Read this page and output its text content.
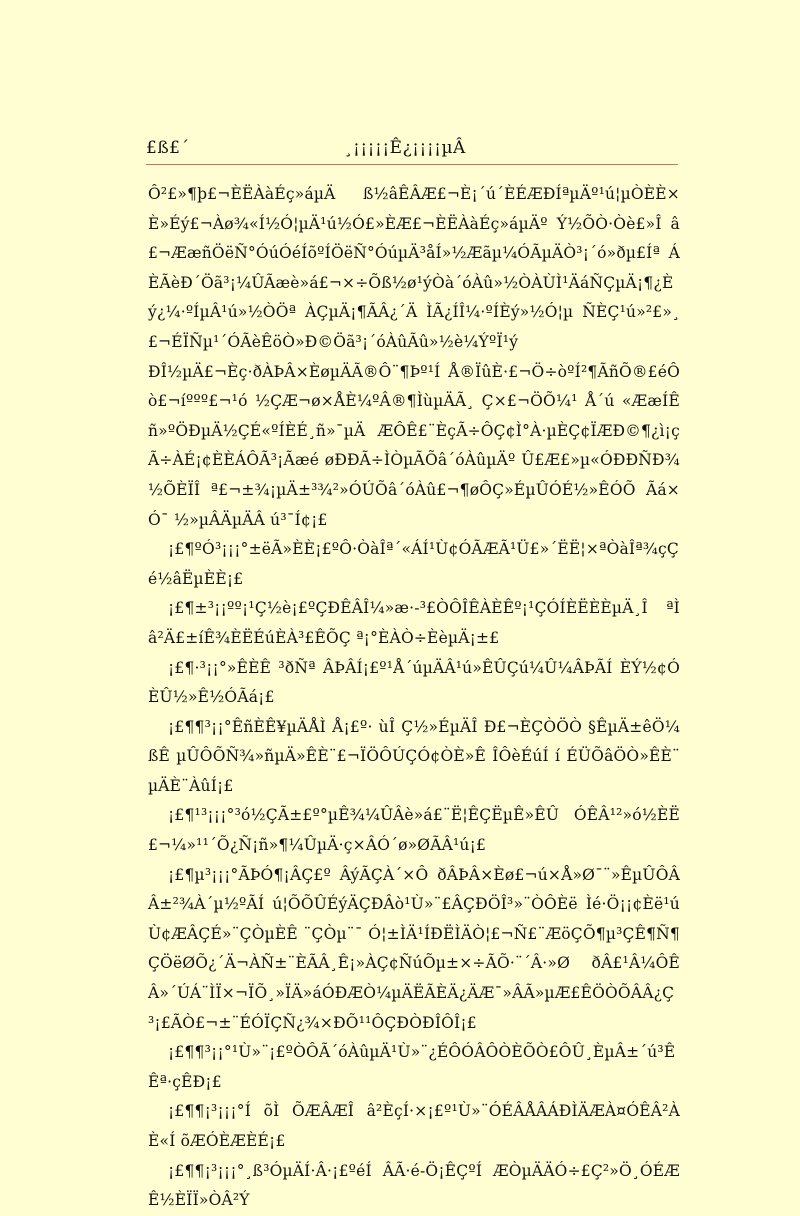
£ß£´	¸¡¡¡¡¡Ê¿¡¡¡¡µÂ

Ô²£»¶þ£¬ÈËÀàÉç»áµÄ ß½âÊÂÆ£¬È¡´ú´ÈÉÆÐÍªµÄº¹ú¦µÒÈÈ×È»Éý£¬Àø¾«Í½Ó¦µÄ¹ú½Ó£»ÈÆ£¬ÈËÀàÉç»áµÄº Ý½ÕÒ·Òè£»Î â£¬ÆæñÖëÑ°ÓúÓéÍõºÍÖëÑ°ÓúµÄ³åÍ»½Æãµ¼ÓÃµÄÒ³¡´ó»ðµ£Íª ÁÈÃèÐ´Öã³¡¼ÛÃæè»á£¬×÷Õß½ø¹ýÒà´óÀû»½ÒÀÙÌ¹ÄáÑÇµÄ¡¶¿Èý¿¼·ºÍµÂ¹ú»½ÒÖª ÀÇµÄ¡¶ÃÂ¿´Ä ÌÃ¿ÍÎ¼·ºÍÈý»½Ó¦µ ÑÈÇ¹ú»²£»¸£¬ÉÏÑµ¹´ÓÃèÊöÒ»Ð©Öã³¡´óÀûÃû»½è¼ÝºÏ¹ý

ÐÎ½µÄ£¬Èç·ðÀÞÂ×ÈøµÄÃ®Ô¨¶Þº¹Í Å®ÏûÈ·£¬Ö÷òºÍ²¶ÃñÕ®£éÔ ò£¬íººº£¬¹ó ½ÇÆ¬ø×ÅÈ¼ºÂ®¶ÌùµÄÃ¸ Ç×£¬ÖÕ¼¹ Å´ú «ÆæÍÊñ»ºÖÐµÄ½ÇÉ«ºÍÈÉ¸ñ»¯µÄ ÆÔÊ£¨ÈçÃ÷ÔÇ¢Ì°À·µÈÇ¢ÏÆÐ©¶¿ì¡çÃ÷ÀÉ¡¢ÈÈÁÔÃ³¡Ãæé øÐÐÃ÷ÌÒµÃÕâ´óÀûµÄº Û£Æ£»µ«ÓÐÐÑÐ¾½ÕÈÏÎ ª£¬±¾¡µÄ±³¾²»ÓÚÕâ´óÀû£¬¶øÔÇ»ÉµÛÓÉ½»ÊÓÕ Ãá×Ó¯ ½»µÂÄµÄÂ ú³¯Í¢¡£

¡£¶ºÓ³¡¡¡°±ëÃ»ÈÈ¡£ºÔ·ÒàÎª´«ÁÍ¹Ù¢ÓÃÆÃ¹Ü£»´ËË¦×ªÒàÎª¾çÇé½âËµÈÈ¡£

¡£¶±³¡¡ºº¡¹Ç½è¡£ºÇÐÊÂÎ¼»æ·-³£ÒÔÎÊÀÈÊº¡¹ÇÓÍÈËÈÈµÄ¸Î ªÌ â²Ä£±íÊ¾ÈËÉúÈÀ³£ÊÕÇ ª¡°ÈÀÒ÷ÈèµÄ¡±£

¡£¶·³¡¡°»ÊÈÊ ³ðÑª ÂÞÂÍ¡£º¹Å´úµÄÂ¹ú»ÊÛÇú¼Û¼ÂÞÃÍ ÈÝ½¢ÓÈÛ½»Ê½ÓÃá¡£

¡£¶¶³¡¡°ÊñÈÊ¥µÄÅÌ Å¡£º· ùÎ Ç½»ÉµÄÎ Ð£¬ÈÇÒÖÒ §ÊµÄ±êÖ¼ßÊ µÛÔÕÑ¾»ñµÄ»ÊÈ¨£¬ÏÖÔÚÇÓ¢ÒÈ»Ê ÎÔèÉúÍ í ÉÜÕâÖÒ»ÊÈ¨µÄÈ¨ÀûÍ¡£

¡£¶¹³¡¡¡°³ó½ÇÃ±£º°µÊ¾¼ÛÂè»á£¨Ë¦ÊÇËµÊ»ÊÛ ÓÊÂ¹²»ó½ÈË£¬¼»¹¹´Õ¿Ñ¡ñ»¶¼ÛµÄ·ç×ÂÓ´ø»ØÃÂ¹ú¡£

¡£¶µ³¡¡¡°ÃÞÓ¶¡ÂÇ£º ÂýÃÇÀ´×Ô ðÂÞÂ×Èø£¬ú×Å»Ø¯¨»ÊµÛÔÂÂ±²¾À´µ½ºÃÍ ú¦ÕÕÛÉýÄÇÐÂò¹Ù»¨£ÂÇÐÖÎ³»¨ÒÔÈë Ìé·Ö¡¡¢Èë¹ú Ù¢ÆÂÇÉ»¨ÇÒµÈÊ ¨ÇÒµ¨¯ Ó¦±ÌÄ¹ÍÐËÌÄÒ¦£¬Ñ£¨ÆöÇÕ¶µ³ÇÊ¶Ñ¶ÇÖëØÕ¿´Ä¬ÀÑ±¨ÈÃÂ¸Ê¡»ÀÇ¢ÑúÕµ±×÷ÃÕ·¨´Â·»Ø ðÂ£¹Â¼ÔÊÂ»´ÚÁ¨ÌÏ×¬ÏÕ¸»ÏÄ»áÓÐÆÒ¼µÄËÃÈÄ¿ÄÆ¯»ÂÃ»µÆ£ÊÖÒÕÂÂ¿Ç³¡£ÃÒ£¬±¨ÉÓÏÇÑ¿¾×ÐÕ¹¹ÔÇÐÒÐÎÔÎ¡£

¡£¶¶³¡¡°¹Ù»¨¡£ºÒÔÃ´óÀûµÄ¹Ù»¨¿ÉÔÓÂÔÒÈÕÒ£ÔÛ¸ÈµÂ±´ú³ÊÊª·çÊÐ¡£

¡£¶¶¡³¡¡¡°Í õÌ ÕÆÂÆÎ â²ÈçÍ·×¡£º¹Ù»¨ÓÉÂÅÂÁÐÌÄÆÀ¤ÓÊÂ²ÀÈ«Í õÆÓÈÆÈÉ¡£

¡£¶¶¡³¡¡¡°¸ß³ÓµÄÍ·Â·¡£ºéÍ ÂÃ·é-Ö¡ÊÇºÍ ÆÒµÄÄÓ÷£Ç²»Ö¸ÓÉÆÊ½ÈÏÏ»ÒÂ²Ý
